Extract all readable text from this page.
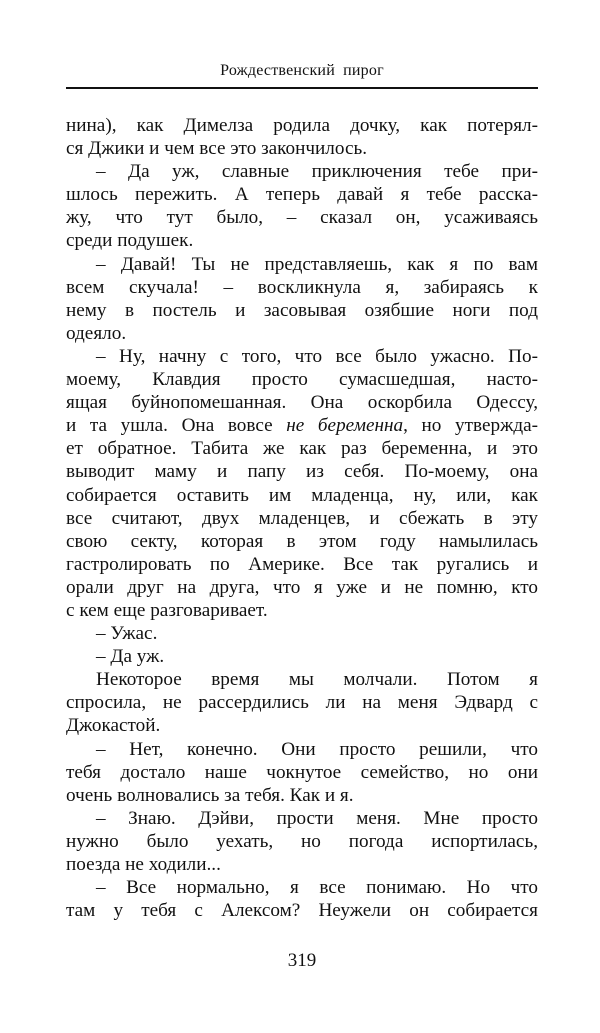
Рождественский пирог
нина), как Димелза родила дочку, как потерял-
ся Джики и чем все это закончилось.
– Да уж, славные приключения тебе при-
шлось пережить. А теперь давай я тебе расска-
жу, что тут было, – сказал он, усаживаясь
среди подушек.
– Давай! Ты не представляешь, как я по вам
всем скучала! – воскликнула я, забираясь к
нему в постель и засовывая озябшие ноги под
одеяло.
– Ну, начну с того, что все было ужасно. По-
моему, Клавдия просто сумасшедшая, насто-
ящая буйнопомешанная. Она оскорбила Одессу,
и та ушла. Она вовсе не беременна, но утвержда-
ет обратное. Табита же как раз беременна, и это
выводит маму и папу из себя. По-моему, она
собирается оставить им младенца, ну, или, как
все считают, двух младенцев, и сбежать в эту
свою секту, которая в этом году намылилась
гастролировать по Америке. Все так ругались и
орали друг на друга, что я уже и не помню, кто
с кем еще разговаривает.
– Ужас.
– Да уж.
Некоторое время мы молчали. Потом я
спросила, не рассердились ли на меня Эдвард с
Джокастой.
– Нет, конечно. Они просто решили, что
тебя достало наше чокнутое семейство, но они
очень волновались за тебя. Как и я.
– Знаю. Дэйви, прости меня. Мне просто
нужно было уехать, но погода испортилась,
поезда не ходили...
– Все нормально, я все понимаю. Но что
там у тебя с Алексом? Неужели он собирается
319
